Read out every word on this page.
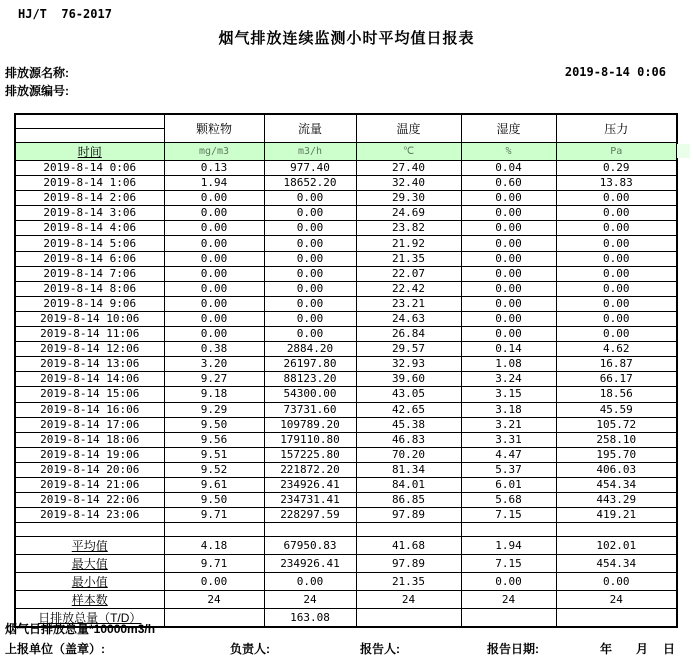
HJ/T  76-2017
烟气排放连续监测小时平均值日报表
排放源名称:
排放源编号:
2019-8-14 0:06
	颗粒物	流量	温度	湿度	压力

时间	mg/m3	m3/h	℃	%	Pa
2019-8-14 0:06	0.13	977.40	27.40	0.04	0.29
2019-8-14 1:06	1.94	18652.20	32.40	0.60	13.83
2019-8-14 2:06	0.00	0.00	29.30	0.00	0.00
2019-8-14 3:06	0.00	0.00	24.69	0.00	0.00
2019-8-14 4:06	0.00	0.00	23.82	0.00	0.00
2019-8-14 5:06	0.00	0.00	21.92	0.00	0.00
2019-8-14 6:06	0.00	0.00	21.35	0.00	0.00
2019-8-14 7:06	0.00	0.00	22.07	0.00	0.00
2019-8-14 8:06	0.00	0.00	22.42	0.00	0.00
2019-8-14 9:06	0.00	0.00	23.21	0.00	0.00
2019-8-14 10:06	0.00	0.00	24.63	0.00	0.00
2019-8-14 11:06	0.00	0.00	26.84	0.00	0.00
2019-8-14 12:06	0.38	2884.20	29.57	0.14	4.62
2019-8-14 13:06	3.20	26197.80	32.93	1.08	16.87
2019-8-14 14:06	9.27	88123.20	39.60	3.24	66.17
2019-8-14 15:06	9.18	54300.00	43.05	3.15	18.56
2019-8-14 16:06	9.29	73731.60	42.65	3.18	45.59
2019-8-14 17:06	9.50	109789.20	45.38	3.21	105.72
2019-8-14 18:06	9.56	179110.80	46.83	3.31	258.10
2019-8-14 19:06	9.51	157225.80	70.20	4.47	195.70
2019-8-14 20:06	9.52	221872.20	81.34	5.37	406.03
2019-8-14 21:06	9.61	234926.41	84.01	6.01	454.34
2019-8-14 22:06	9.50	234731.41	86.85	5.68	443.29
2019-8-14 23:06	9.71	228297.59	97.89	7.15	419.21

平均值	4.18	67950.83	41.68	1.94	102.01
最大值	9.71	234926.41	97.89	7.15	454.34
最小值	0.00	0.00	21.35	0.00	0.00
样本数	24	24	24	24	24
日排放总量（T/D）		163.08			
烟气日排放总量*10000m3/h
上报单位（盖章）:	负责人:	报告人:	报告日期:	年 月 日
